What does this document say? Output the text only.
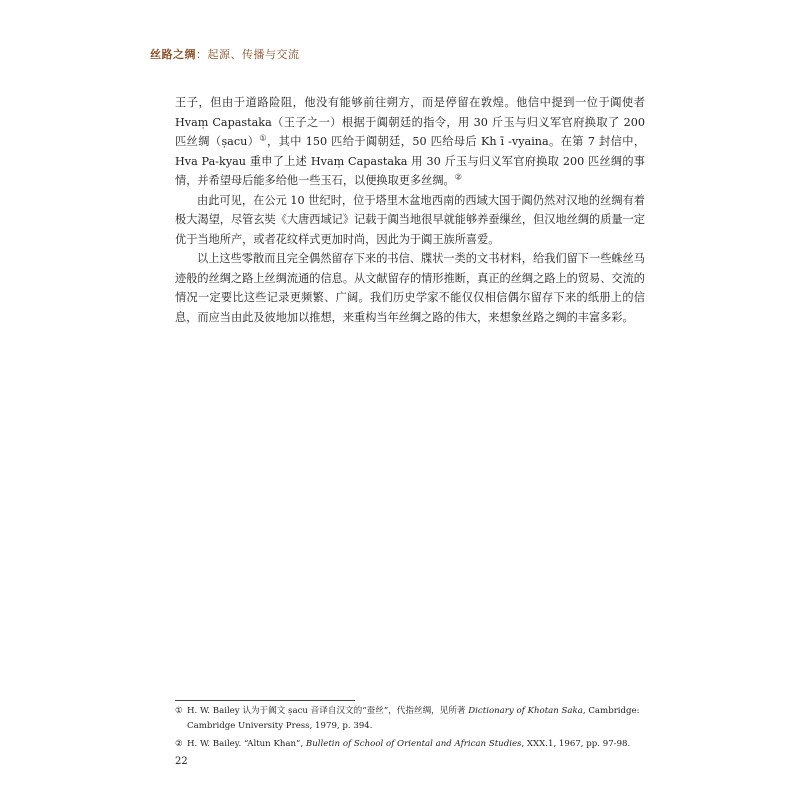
丝路之绸：起源、传播与交流

王子，但由于道路险阻，他没有能够前往朔方，而是停留在敦煌。他信中提到一位于阗使者 Hvaṃ Capastaka（王子之一）根据于阗朝廷的指令，用 30 斤玉与归义军官府换取了 200 匹丝绸（ṣacu）①，其中 150 匹给于阗朝廷，50 匹给母后 Kh ī -vyaina。在第 7 封信中，Hva Pa-kyau 重申了上述 Hvaṃ Capastaka 用 30 斤玉与归义军官府换取 200 匹丝绸的事情，并希望母后能多给他一些玉石，以便换取更多丝绸。②

由此可见，在公元 10 世纪时，位于塔里木盆地西南的西域大国于阗仍然对汉地的丝绸有着极大渴望，尽管玄奘《大唐西域记》记载于阗当地很早就能够养蚕缫丝，但汉地丝绸的质量一定优于当地所产，或者花纹样式更加时尚，因此为于阗王族所喜爱。

以上这些零散而且完全偶然留存下来的书信、牒状一类的文书材料，给我们留下一些蛛丝马迹般的丝绸之路上丝绸流通的信息。从文献留存的情形推断，真正的丝绸之路上的贸易、交流的情况一定要比这些记录更频繁、广阔。我们历史学家不能仅仅相信偶尔留存下来的纸册上的信息，而应当由此及彼地加以推想，来重构当年丝绸之路的伟大，来想象丝路之绸的丰富多彩。

① H. W. Bailey 认为于阗文 ṣacu 音译自汉文的“蚕丝”，代指丝绸，见所著 Dictionary of Khotan Saka, Cambridge: Cambridge University Press, 1979, p. 394.
② H. W. Bailey. “Altun Khan”, Bulletin of School of Oriental and African Studies, XXX.1, 1967, pp. 97-98.
22
